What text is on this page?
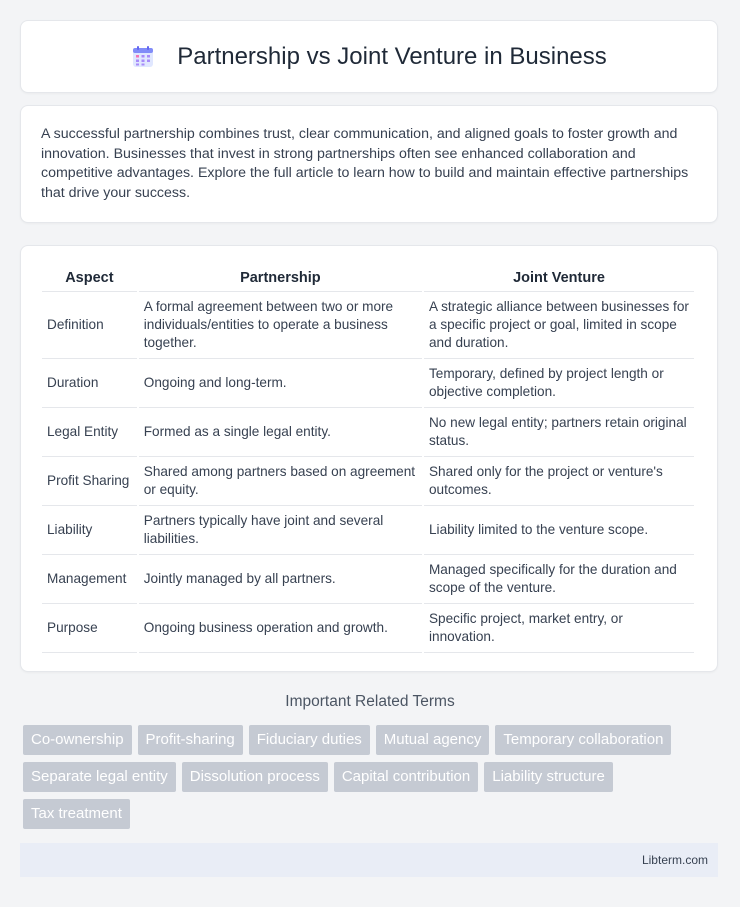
Partnership vs Joint Venture in Business

A successful partnership combines trust, clear communication, and aligned goals to foster growth and innovation. Businesses that invest in strong partnerships often see enhanced collaboration and competitive advantages. Explore the full article to learn how to build and maintain effective partnerships that drive your success.

Aspect	Partnership	Joint Venture
Definition	A formal agreement between two or more individuals/entities to operate a business together.	A strategic alliance between businesses for a specific project or goal, limited in scope and duration.
Duration	Ongoing and long-term.	Temporary, defined by project length or objective completion.
Legal Entity	Formed as a single legal entity.	No new legal entity; partners retain original status.
Profit Sharing	Shared among partners based on agreement or equity.	Shared only for the project or venture's outcomes.
Liability	Partners typically have joint and several liabilities.	Liability limited to the venture scope.
Management	Jointly managed by all partners.	Managed specifically for the duration and scope of the venture.
Purpose	Ongoing business operation and growth.	Specific project, market entry, or innovation.
Important Related Terms
Co-ownership	Profit-sharing	Fiduciary duties	Mutual agency	Temporary collaboration
Separate legal entity	Dissolution process	Capital contribution	Liability structure
Tax treatment
Libterm.com
